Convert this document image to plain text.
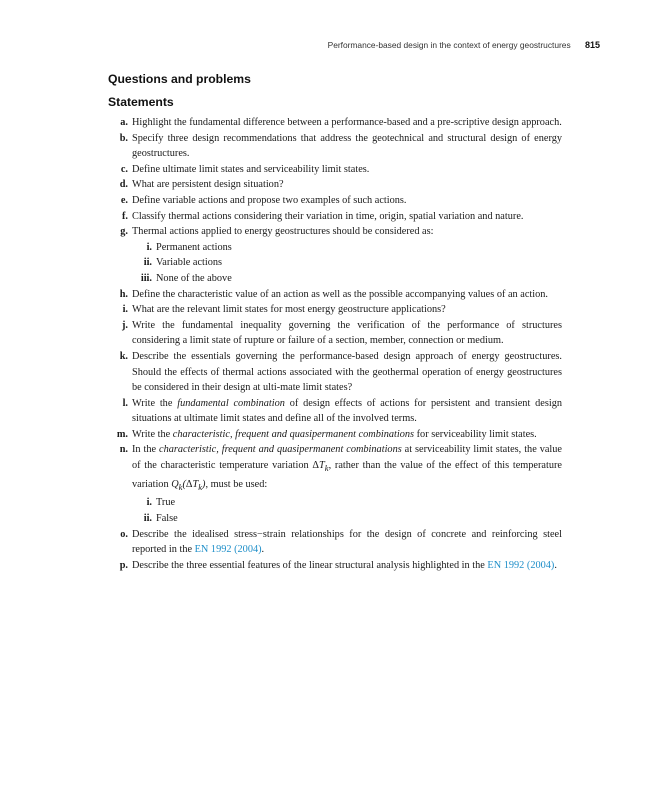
Performance-based design in the context of energy geostructures 815
Questions and problems
Statements
a. Highlight the fundamental difference between a performance-based and a pre-scriptive design approach.
b. Specify three design recommendations that address the geotechnical and structural design of energy geostructures.
c. Define ultimate limit states and serviceability limit states.
d. What are persistent design situation?
e. Define variable actions and propose two examples of such actions.
f. Classify thermal actions considering their variation in time, origin, spatial variation and nature.
g. Thermal actions applied to energy geostructures should be considered as:
i. Permanent actions
ii. Variable actions
iii. None of the above
h. Define the characteristic value of an action as well as the possible accompanying values of an action.
i. What are the relevant limit states for most energy geostructure applications?
j. Write the fundamental inequality governing the verification of the performance of structures considering a limit state of rupture or failure of a section, member, connection or medium.
k. Describe the essentials governing the performance-based design approach of energy geostructures. Should the effects of thermal actions associated with the geothermal operation of energy geostructures be considered in their design at ulti-mate limit states?
l. Write the fundamental combination of design effects of actions for persistent and transient design situations at ultimate limit states and define all of the involved terms.
m. Write the characteristic, frequent and quasipermanent combinations for serviceability limit states.
n. In the characteristic, frequent and quasipermanent combinations at serviceability limit states, the value of the characteristic temperature variation $\Delta T_k$, rather than the value of the effect of this temperature variation $Q_k(\Delta T_k)$, must be used:
i. True
ii. False
o. Describe the idealised stress−strain relationships for the design of concrete and reinforcing steel reported in the EN 1992 (2004).
p. Describe the three essential features of the linear structural analysis highlighted in the EN 1992 (2004).
